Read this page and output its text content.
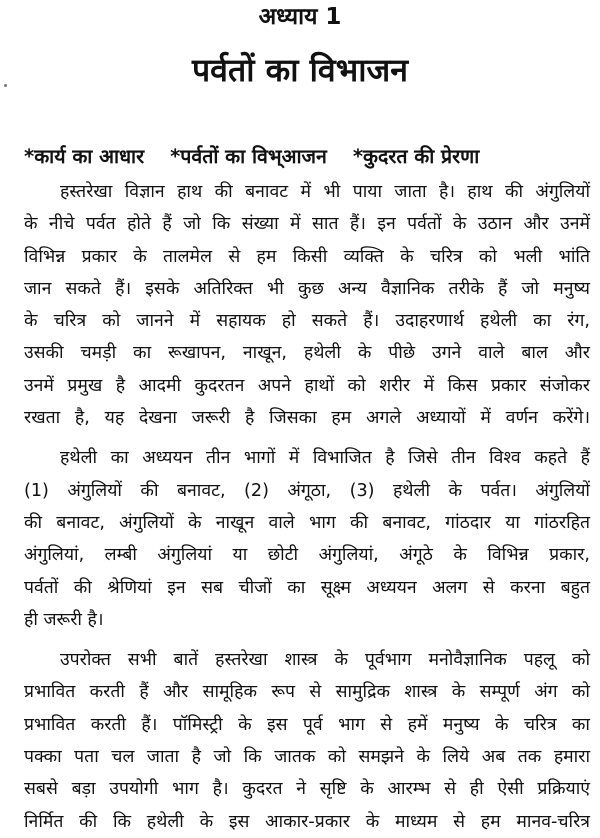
अध्याय 1
पर्वतों का विभाजन
*कार्य का आधार *पर्वतों का विभ्आजन *कुदरत की प्रेरणा
हस्तरेखा विज्ञान हाथ की बनावट में भी पाया जाता है। हाथ की अंगुलियों
के नीचे पर्वत होते हैं जो कि संख्या में सात हैं। इन पर्वतों के उठान और उनमें
विभिन्न प्रकार के तालमेल से हम किसी व्यक्ति के चरित्र को भली भांति
जान सकते हैं। इसके अतिरिक्त भी कुछ अन्य वैज्ञानिक तरीके हैं जो मनुष्य
के चरित्र को जानने में सहायक हो सकते हैं। उदाहरणार्थ हथेली का रंग,
उसकी चमड़ी का रूखापन, नाखून, हथेली के पीछे उगने वाले बाल और
उनमें प्रमुख है आदमी कुदरतन अपने हाथों को शरीर में किस प्रकार संजोकर
रखता है, यह देखना जरूरी है जिसका हम अगले अध्यायों में वर्णन करेंगे।
हथेली का अध्ययन तीन भागों में विभाजित है जिसे तीन विश्व कहते हैं
(1) अंगुलियों की बनावट, (2) अंगूठा, (3) हथेली के पर्वत। अंगुलियों
की बनावट, अंगुलियों के नाखून वाले भाग की बनावट, गांठदार या गांठरहित
अंगुलियां, लम्बी अंगुलियां या छोटी अंगुलियां, अंगूठे के विभिन्न प्रकार,
पर्वतों की श्रेणियां इन सब चीजों का सूक्ष्म अध्ययन अलग से करना बहुत
ही जरूरी है।
उपरोक्त सभी बातें हस्तरेखा शास्त्र के पूर्वभाग मनोवैज्ञानिक पहलू को
प्रभावित करती हैं और सामूहिक रूप से सामुद्रिक शास्त्र के सम्पूर्ण अंग को
प्रभावित करती हैं। पॉमिस्ट्री के इस पूर्व भाग से हमें मनुष्य के चरित्र का
पक्का पता चल जाता है जो कि जातक को समझने के लिये अब तक हमारा
सबसे बड़ा उपयोगी भाग है। कुदरत ने सृष्टि के आरम्भ से ही ऐसी प्रक्रियाएं
निर्मित की कि हथेली के इस आकार-प्रकार के माध्यम से हम मानव-चरित्र
